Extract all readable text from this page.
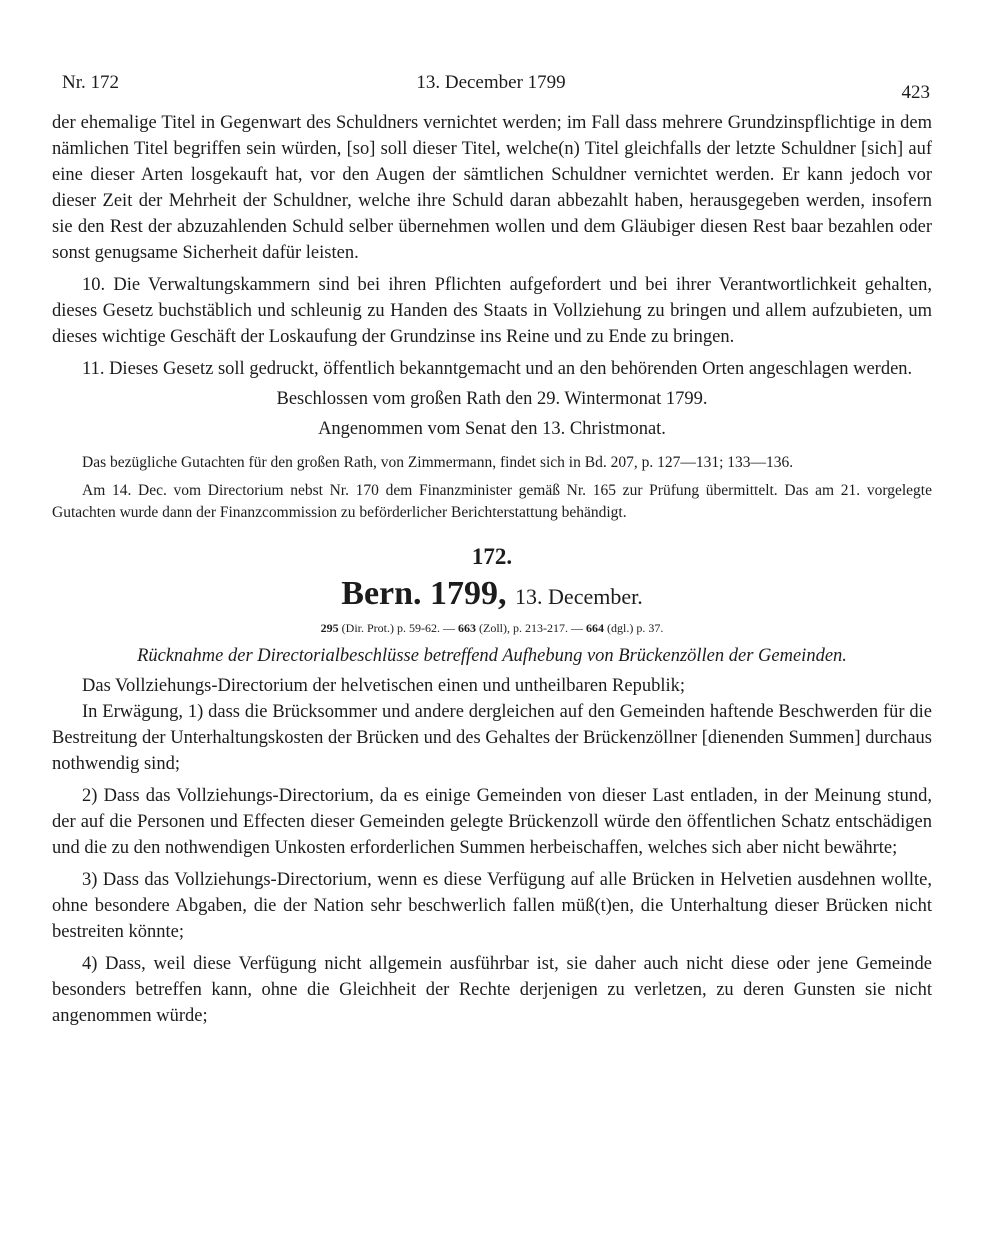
Nr. 172	13. December 1799	423

der ehemalige Titel in Gegenwart des Schuldners vernichtet werden; im Fall dass mehrere Grundzinspflichtige in dem nämlichen Titel begriffen sein würden, [so] soll dieser Titel, welche(n) Titel gleichfalls der letzte Schuldner [sich] auf eine dieser Arten losgekauft hat, vor den Augen der sämtlichen Schuldner vernichtet werden. Er kann jedoch vor dieser Zeit der Mehrheit der Schuldner, welche ihre Schuld daran abbezahlt haben, herausgegeben werden, insofern sie den Rest der abzuzahlenden Schuld selber übernehmen wollen und dem Gläubiger diesen Rest baar bezahlen oder sonst genugsame Sicherheit dafür leisten.

10. Die Verwaltungskammern sind bei ihren Pflichten aufgefordert und bei ihrer Verantwortlichkeit gehalten, dieses Gesetz buchstäblich und schleunig zu Handen des Staats in Vollziehung zu bringen und allem aufzubieten, um dieses wichtige Geschäft der Loskaufung der Grundzinse ins Reine und zu Ende zu bringen.

11. Dieses Gesetz soll gedruckt, öffentlich bekanntgemacht und an den behörenden Orten angeschlagen werden.

Beschlossen vom großen Rath den 29. Wintermonat 1799.

Angenommen vom Senat den 13. Christmonat.

Das bezügliche Gutachten für den großen Rath, von Zimmermann, findet sich in Bd. 207, p. 127—131; 133—136.

Am 14. Dec. vom Directorium nebst Nr. 170 dem Finanzminister gemäß Nr. 165 zur Prüfung übermittelt. Das am 21. vorgelegte Gutachten wurde dann der Finanzcommission zu beförderlicher Berichterstattung behändigt.

172.
Bern. 1799, 13. December.
295 (Dir. Prot.) p. 59-62. — 663 (Zoll), p. 213-217. — 664 (dgl.) p. 37.
Rücknahme der Directorialbeschlüsse betreffend Aufhebung von Brückenzöllen der Gemeinden.

Das Vollziehungs-Directorium der helvetischen einen und untheilbaren Republik;

In Erwägung, 1) dass die Brücksommer und andere dergleichen auf den Gemeinden haftende Beschwerden für die Bestreitung der Unterhaltungskosten der Brücken und des Gehaltes der Brückenzöllner [dienenden Summen] durchaus nothwendig sind;

2) Dass das Vollziehungs-Directorium, da es einige Gemeinden von dieser Last entladen, in der Meinung stund, der auf die Personen und Effecten dieser Gemeinden gelegte Brückenzoll würde den öffentlichen Schatz entschädigen und die zu den nothwendigen Unkosten erforderlichen Summen herbeischaffen, welches sich aber nicht bewährte;

3) Dass das Vollziehungs-Directorium, wenn es diese Verfügung auf alle Brücken in Helvetien ausdehnen wollte, ohne besondere Abgaben, die der Nation sehr beschwerlich fallen müß(t)en, die Unterhaltung dieser Brücken nicht bestreiten könnte;

4) Dass, weil diese Verfügung nicht allgemein ausführbar ist, sie daher auch nicht diese oder jene Gemeinde besonders betreffen kann, ohne die Gleichheit der Rechte derjenigen zu verletzen, zu deren Gunsten sie nicht angenommen würde;
